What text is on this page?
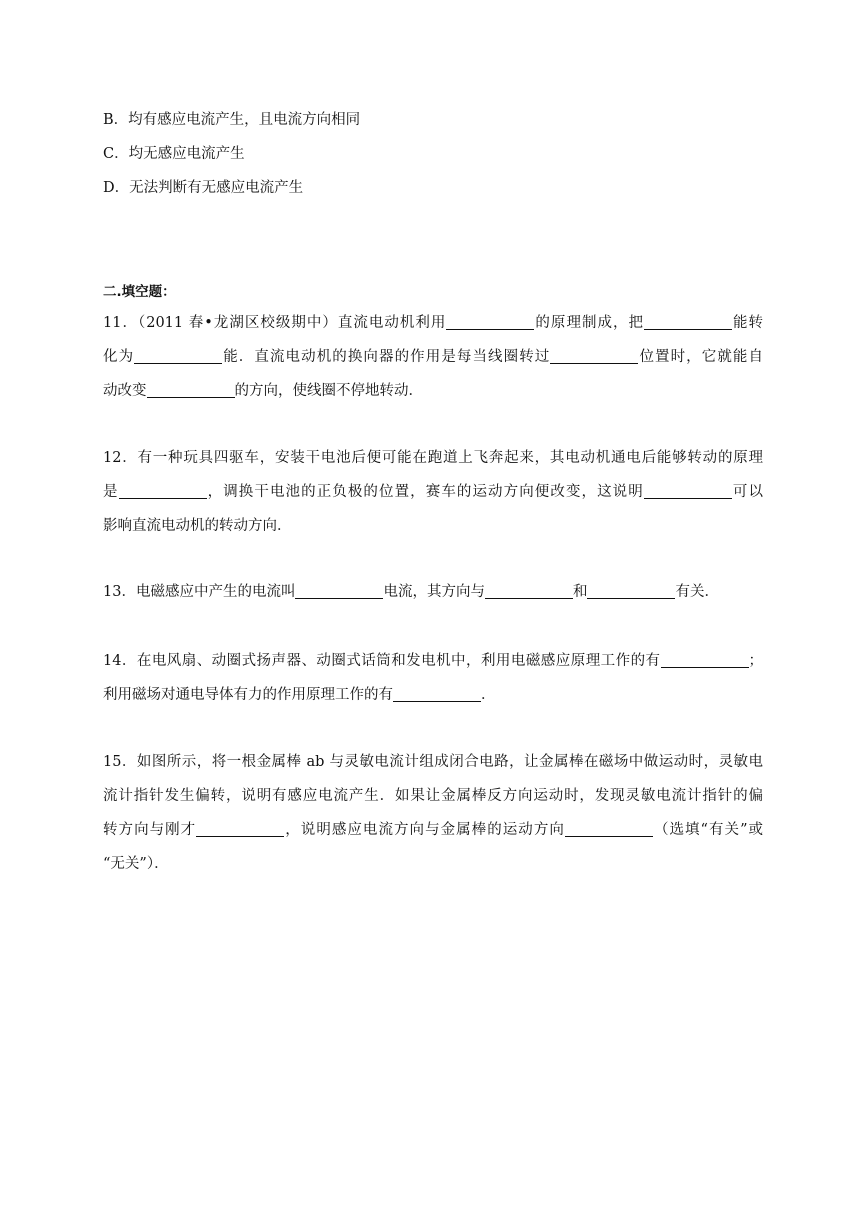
B．均有感应电流产生，且电流方向相同
C．均无感应电流产生
D．无法判断有无感应电流产生
二.填空题：
11．（2011 春•龙湖区校级期中）直流电动机利用	的原理制成，把	能转
化为	能．直流电动机的换向器的作用是每当线圈转过	位置时，它就能自
动改变	的方向，使线圈不停地转动．
12．有一种玩具四驱车，安装干电池后便可能在跑道上飞奔起来，其电动机通电后能够转动的原理
是	，调换干电池的正负极的位置，赛车的运动方向便改变，这说明	可以
影响直流电动机的转动方向．
13．电磁感应中产生的电流叫	电流，其方向与	和	有关．
14．在电风扇、动圈式扬声器、动圈式话筒和发电机中，利用电磁感应原理工作的有	；
利用磁场对通电导体有力的作用原理工作的有	．
15．如图所示，将一根金属棒 ab 与灵敏电流计组成闭合电路，让金属棒在磁场中做运动时，灵敏电
流计指针发生偏转，说明有感应电流产生．如果让金属棒反方向运动时，发现灵敏电流计指针的偏
转方向与刚才	，说明感应电流方向与金属棒的运动方向	（选填“有关”或
“无关”）．
